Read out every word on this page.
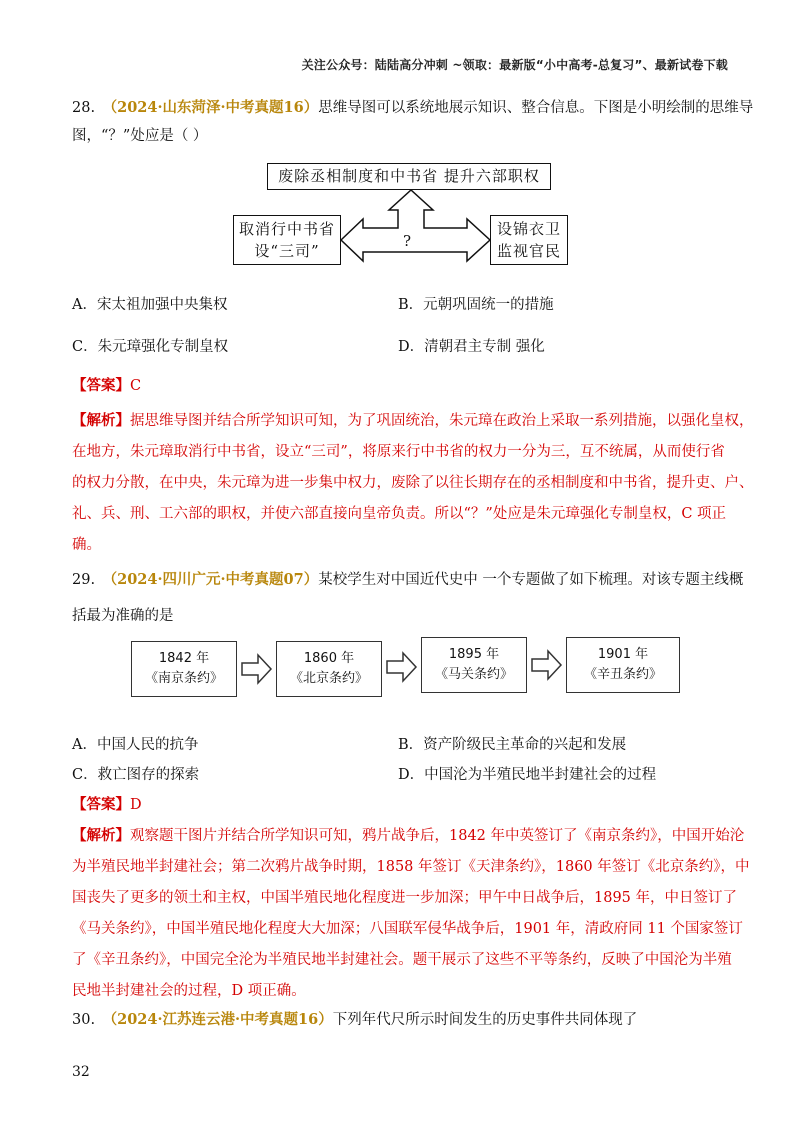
关注公众号：陆陆高分冲刺 ~领取：最新版“小中高考-总复习”、最新试卷下载
28. （2024·山东菏泽·中考真题16）思维导图可以系统地展示知识、整合信息。下图是小明绘制的思维导
图，“？”处应是（ ）
废除丞相制度和中书省 提升六部职权
取消行中书省
设“三司”
设锦衣卫
监视官民
?
A．宋太祖加强中央集权	B．元朝巩固统一的措施
C．朱元璋强化专制皇权	D．清朝君主专制 强化
【答案】C
【解析】据思维导图并结合所学知识可知，为了巩固统治，朱元璋在政治上采取一系列措施，以强化皇权，
在地方，朱元璋取消行中书省，设立“三司”，将原来行中书省的权力一分为三，互不统属，从而使行省
的权力分散，在中央，朱元璋为进一步集中权力，废除了以往长期存在的丞相制度和中书省，提升吏、户、
礼、兵、刑、工六部的职权，并使六部直接向皇帝负责。所以“？”处应是朱元璋强化专制皇权，C 项正
确。
29. （2024·四川广元·中考真题07）某校学生对中国近代史中 一个专题做了如下梳理。对该专题主线概
括最为准确的是
1842 年
《南京条约》
1860 年
《北京条约》
1895 年
《马关条约》
1901 年
《辛丑条约》
A．中国人民的抗争	B．资产阶级民主革命的兴起和发展
C．救亡图存的探索	D．中国沦为半殖民地半封建社会的过程
【答案】D
【解析】观察题干图片并结合所学知识可知，鸦片战争后，1842 年中英签订了《南京条约》，中国开始沦
为半殖民地半封建社会；第二次鸦片战争时期，1858 年签订《天津条约》，1860 年签订《北京条约》，中
国丧失了更多的领土和主权，中国半殖民地化程度进一步加深；甲午中日战争后，1895 年，中日签订了
《马关条约》，中国半殖民地化程度大大加深；八国联军侵华战争后，1901 年，清政府同 11 个国家签订
了《辛丑条约》，中国完全沦为半殖民地半封建社会。题干展示了这些不平等条约，反映了中国沦为半殖
民地半封建社会的过程，D 项正确。
30. （2024·江苏连云港·中考真题16）下列年代尺所示时间发生的历史事件共同体现了
32
